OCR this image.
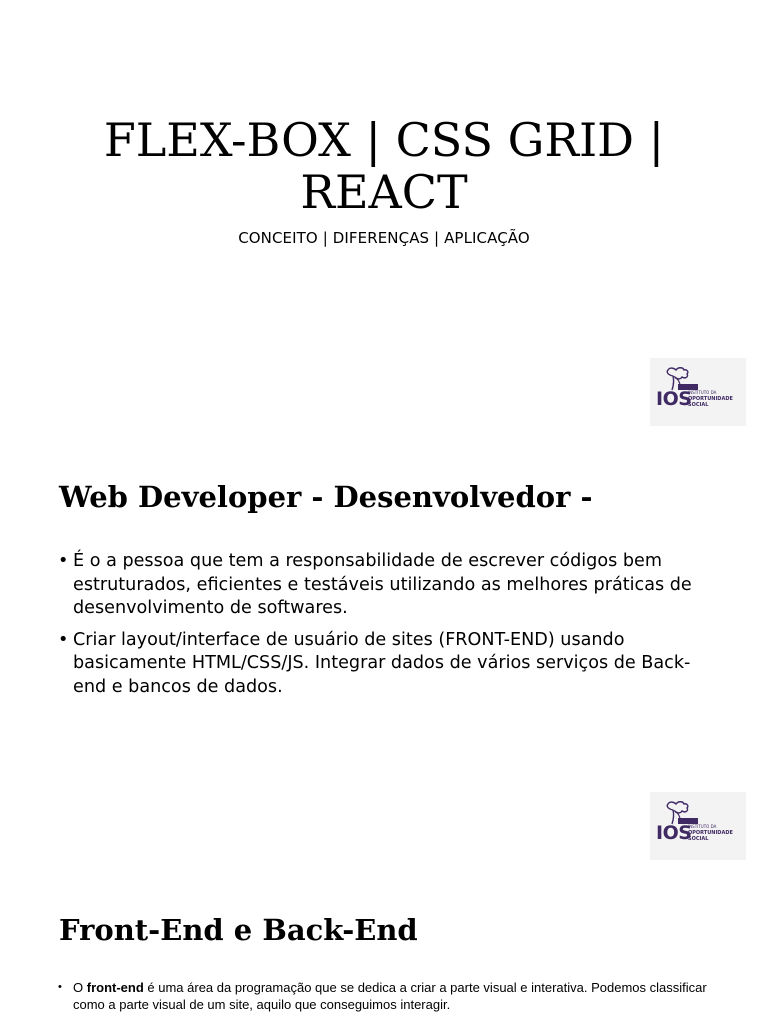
FLEX-BOX | CSS GRID |
REACT

CONCEITO | DIFERENÇAS | APLICAÇÃO

IOS
INSTITUTO DA
OPORTUNIDADE
SOCIAL
Web Developer - Desenvolvedor -
• É o a pessoa que tem a responsabilidade de escrever códigos bem estruturados, eficientes e testáveis utilizando as melhores práticas de desenvolvimento de softwares.
• Criar layout/interface de usuário de sites (FRONT-END) usando basicamente HTML/CSS/JS. Integrar dados de vários serviços de Back-end e bancos de dados.
IOS
INSTITUTO DA
OPORTUNIDADE
SOCIAL
Front-End e Back-End
• O front-end é uma área da programação que se dedica a criar a parte visual e interativa. Podemos classificar como a parte visual de um site, aquilo que conseguimos interagir.
